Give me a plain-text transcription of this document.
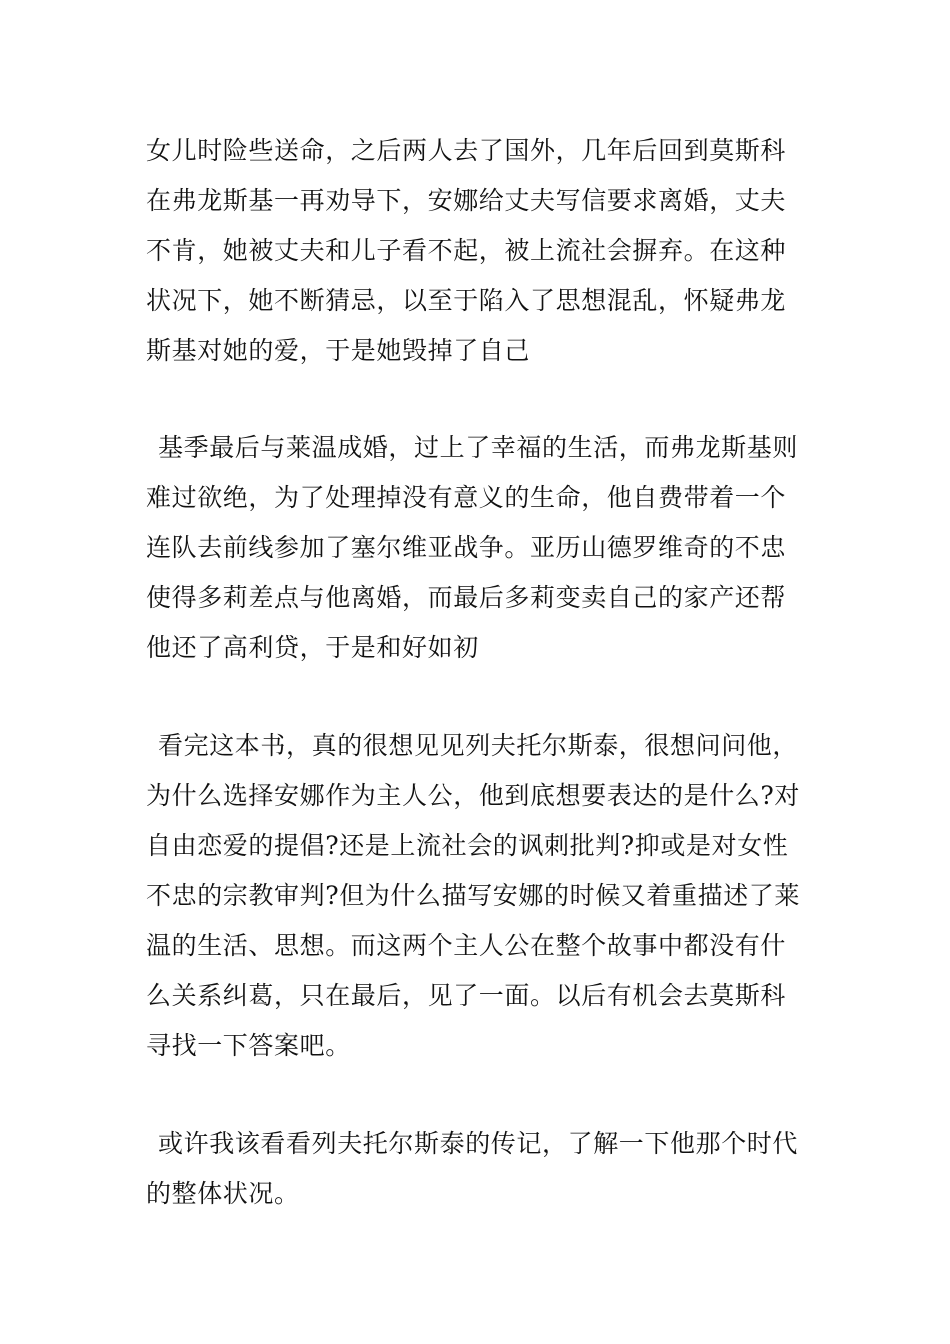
女儿时险些送命，之后两人去了国外，几年后回到莫斯科
在弗龙斯基一再劝导下，安娜给丈夫写信要求离婚，丈夫
不肯，她被丈夫和儿子看不起，被上流社会摒弃。在这种
状况下，她不断猜忌，以至于陷入了思想混乱，怀疑弗龙
斯基对她的爱，于是她毁掉了自己
基季最后与莱温成婚，过上了幸福的生活，而弗龙斯基则
难过欲绝，为了处理掉没有意义的生命，他自费带着一个
连队去前线参加了塞尔维亚战争。亚历山德罗维奇的不忠
使得多莉差点与他离婚，而最后多莉变卖自己的家产还帮
他还了高利贷，于是和好如初
看完这本书，真的很想见见列夫托尔斯泰，很想问问他，
为什么选择安娜作为主人公，他到底想要表达的是什么?对
自由恋爱的提倡?还是上流社会的讽刺批判?抑或是对女性
不忠的宗教审判?但为什么描写安娜的时候又着重描述了莱
温的生活、思想。而这两个主人公在整个故事中都没有什
么关系纠葛，只在最后，见了一面。以后有机会去莫斯科
寻找一下答案吧。
或许我该看看列夫托尔斯泰的传记，了解一下他那个时代
的整体状况。
